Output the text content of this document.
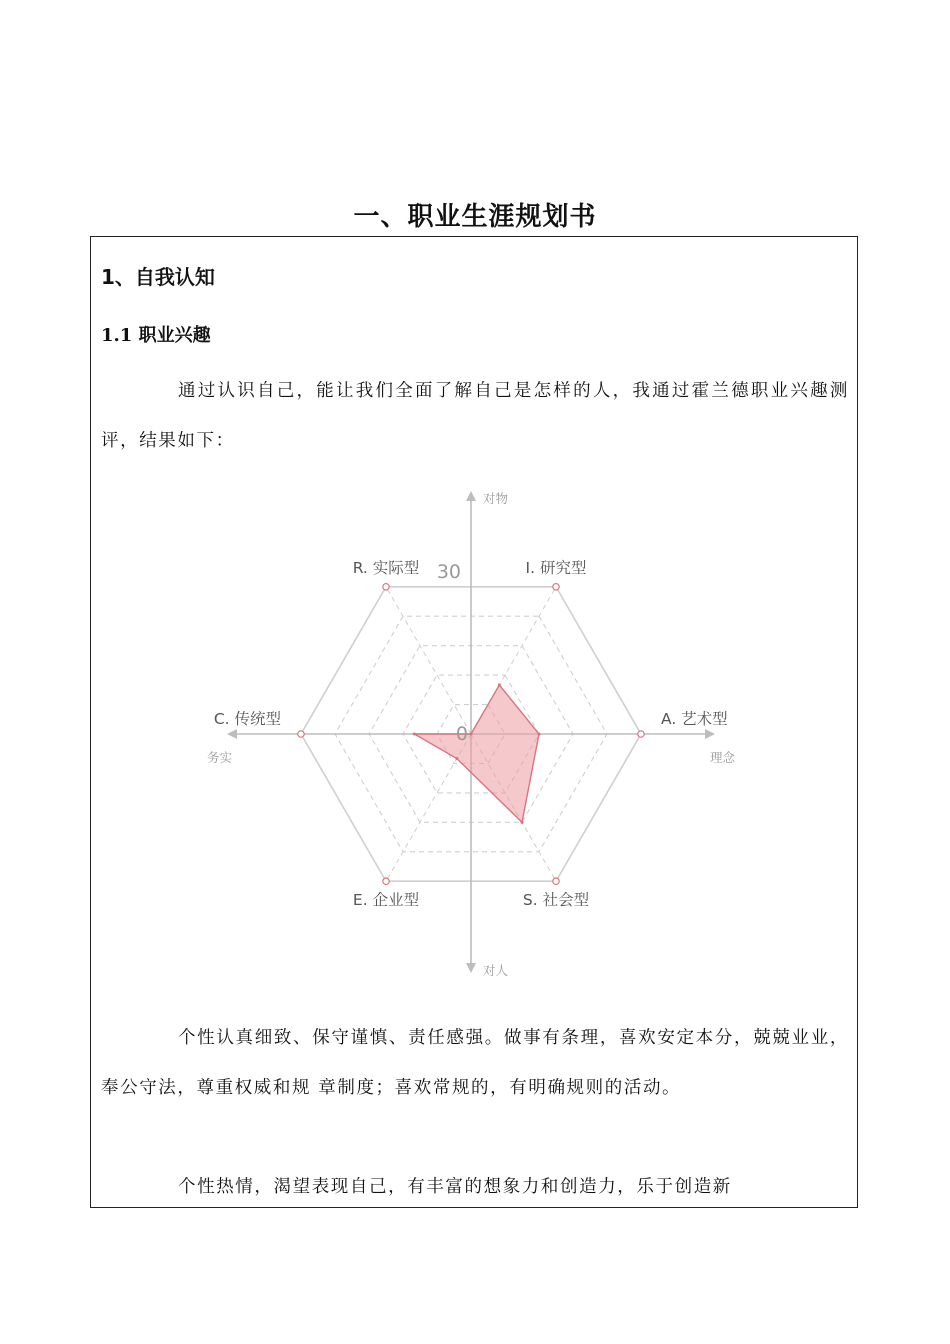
一、职业生涯规划书
1、自我认知
1.1 职业兴趣

通过认识自己，能让我们全面了解自己是怎样的人，我通过霍兰德职业兴趣测评，结果如下：

I. 研究型
A. 艺术型
S. 社会型
E. 企业型
C. 传统型
R. 实际型 30
0
对物
对人
务实	理念

个性认真细致、保守谨慎、责任感强。做事有条理，喜欢安定本分，兢兢业业，奉公守法，尊重权威和规 章制度；喜欢常规的，有明确规则的活动。

个性热情，渴望表现自己，有丰富的想象力和创造力，乐于创造新
